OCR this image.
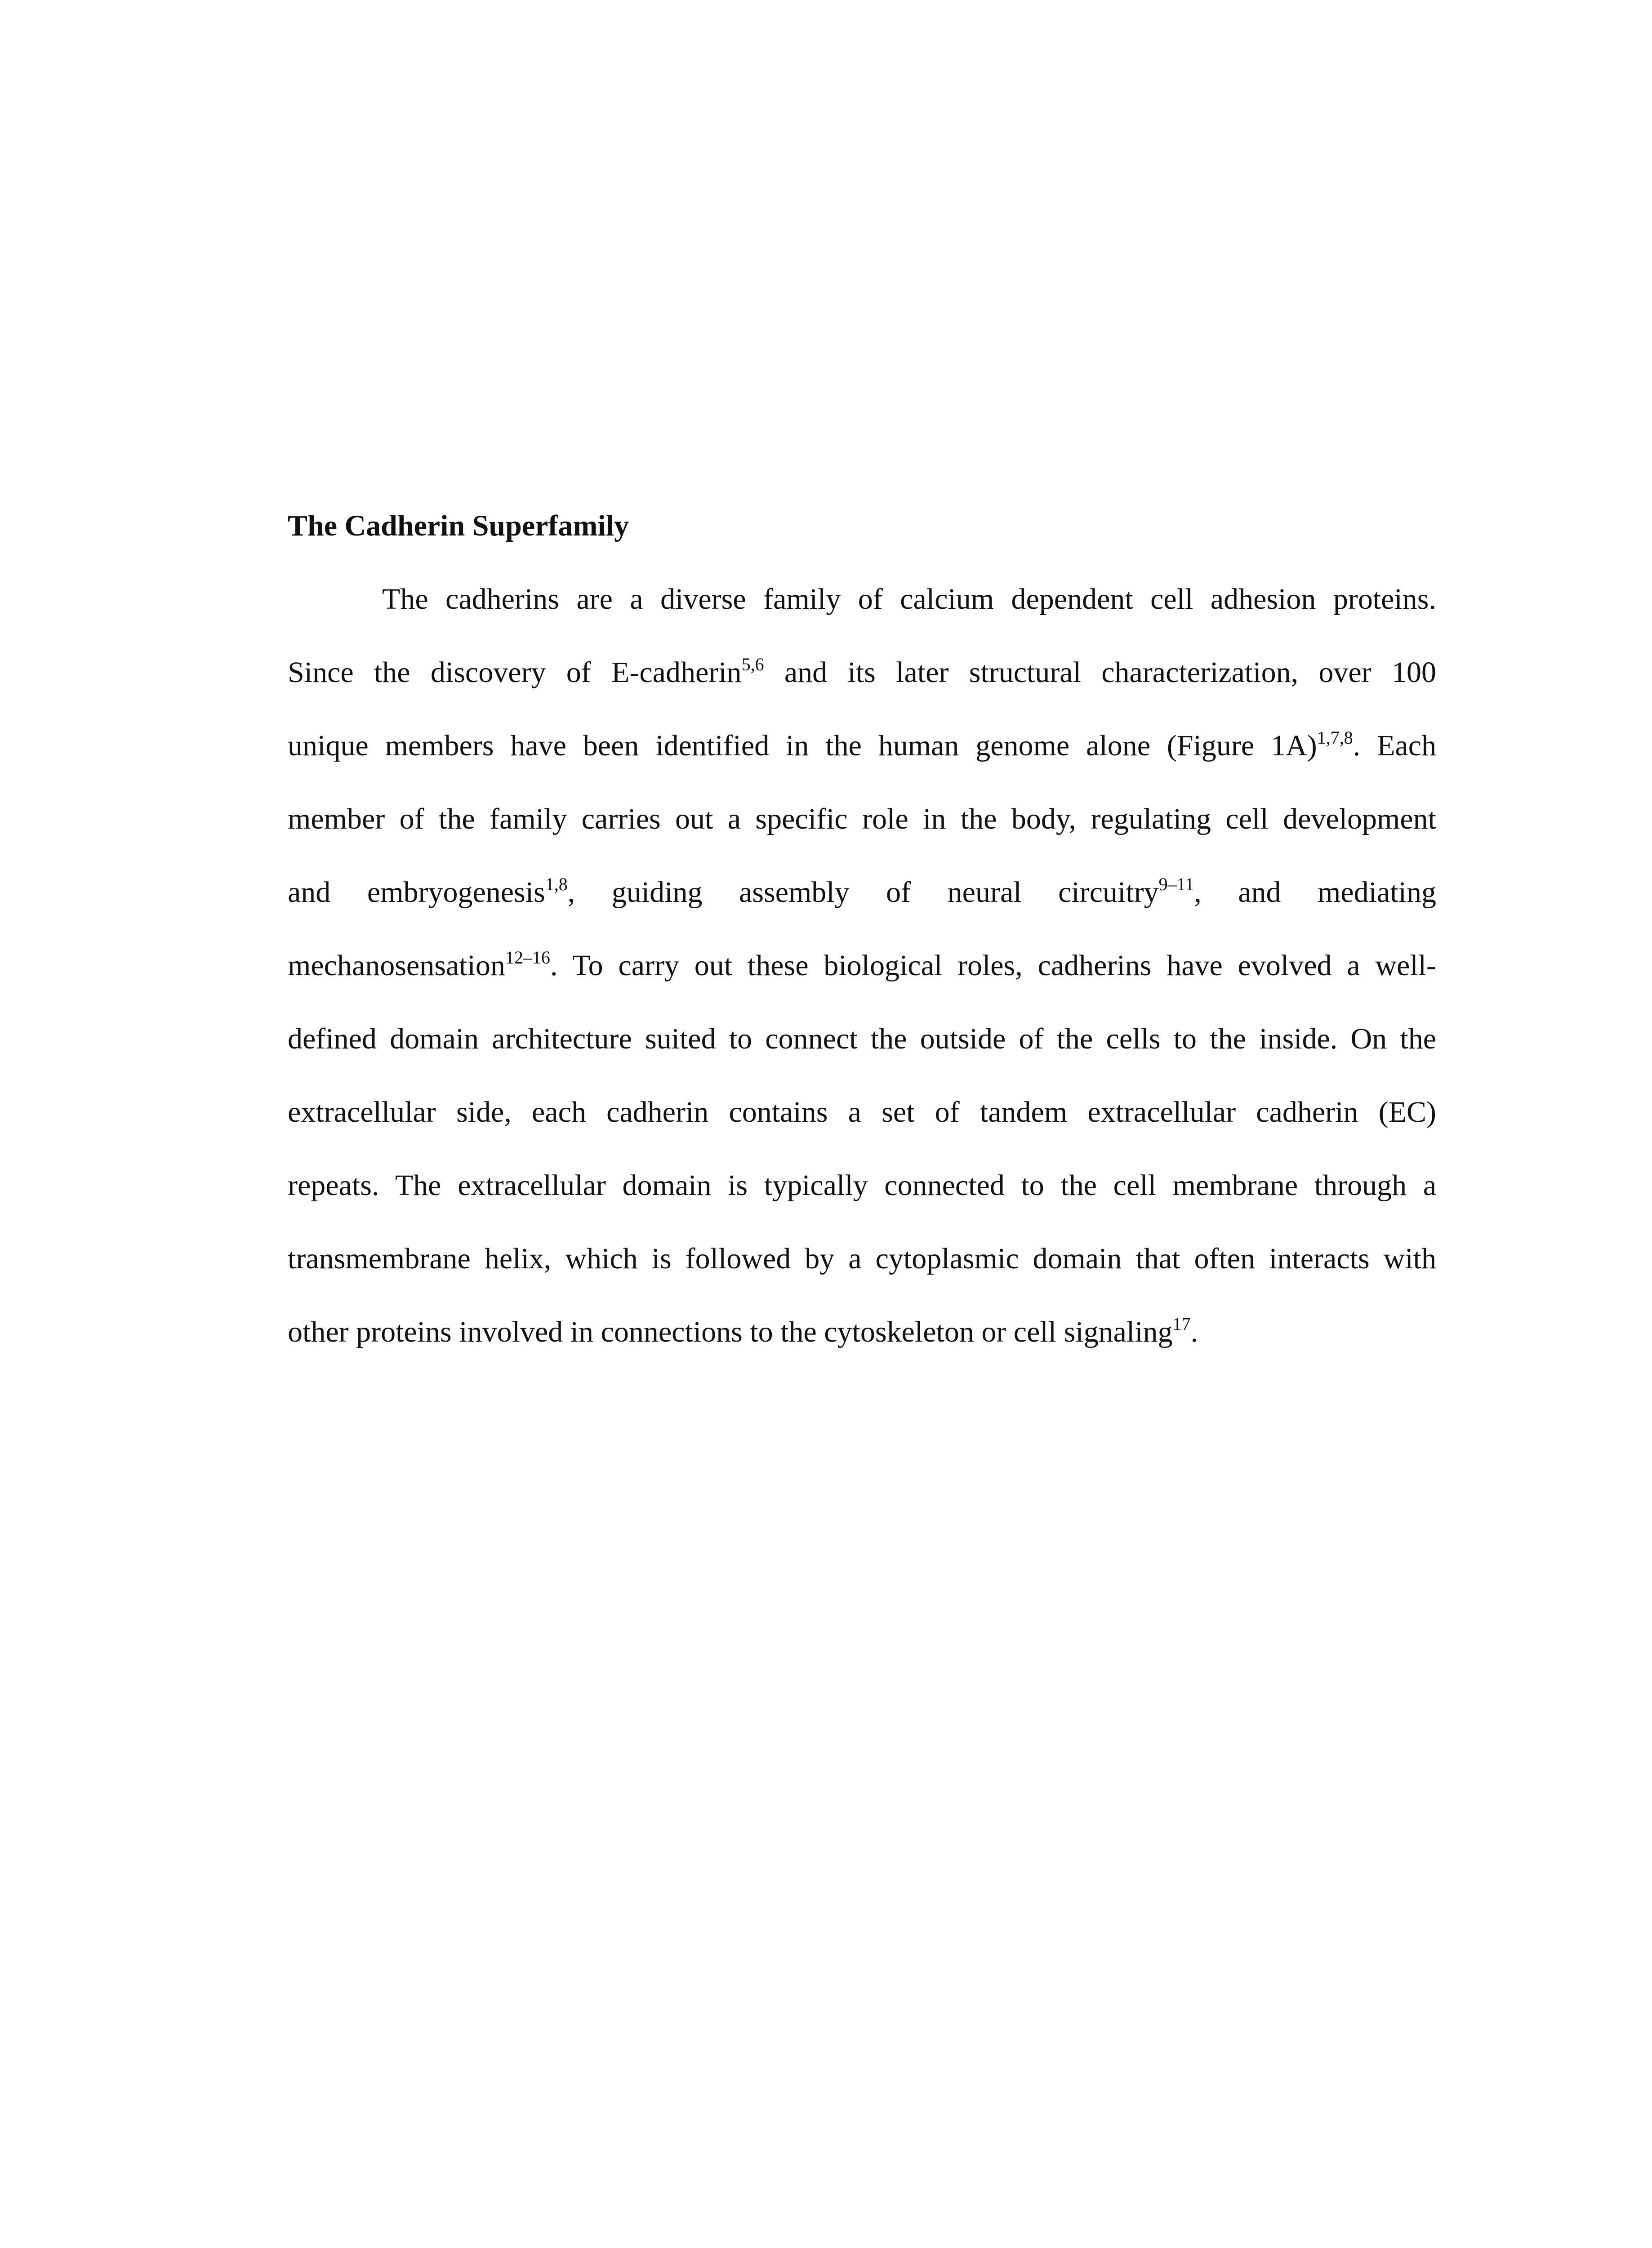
The Cadherin Superfamily
The cadherins are a diverse family of calcium dependent cell adhesion proteins.
Since the discovery of E-cadherin$^{5,6}$ and its later structural characterization, over 100
unique members have been identified in the human genome alone (Figure 1A)$^{1,7,8}$. Each
member of the family carries out a specific role in the body, regulating cell development
and embryogenesis$^{1,8}$, guiding assembly of neural circuitry$^{9-11}$, and mediating
mechanosensation$^{12-16}$. To carry out these biological roles, cadherins have evolved a well-
defined domain architecture suited to connect the outside of the cells to the inside. On the
extracellular side, each cadherin contains a set of tandem extracellular cadherin (EC)
repeats. The extracellular domain is typically connected to the cell membrane through a
transmembrane helix, which is followed by a cytoplasmic domain that often interacts with
other proteins involved in connections to the cytoskeleton or cell signaling$^{17}$.
